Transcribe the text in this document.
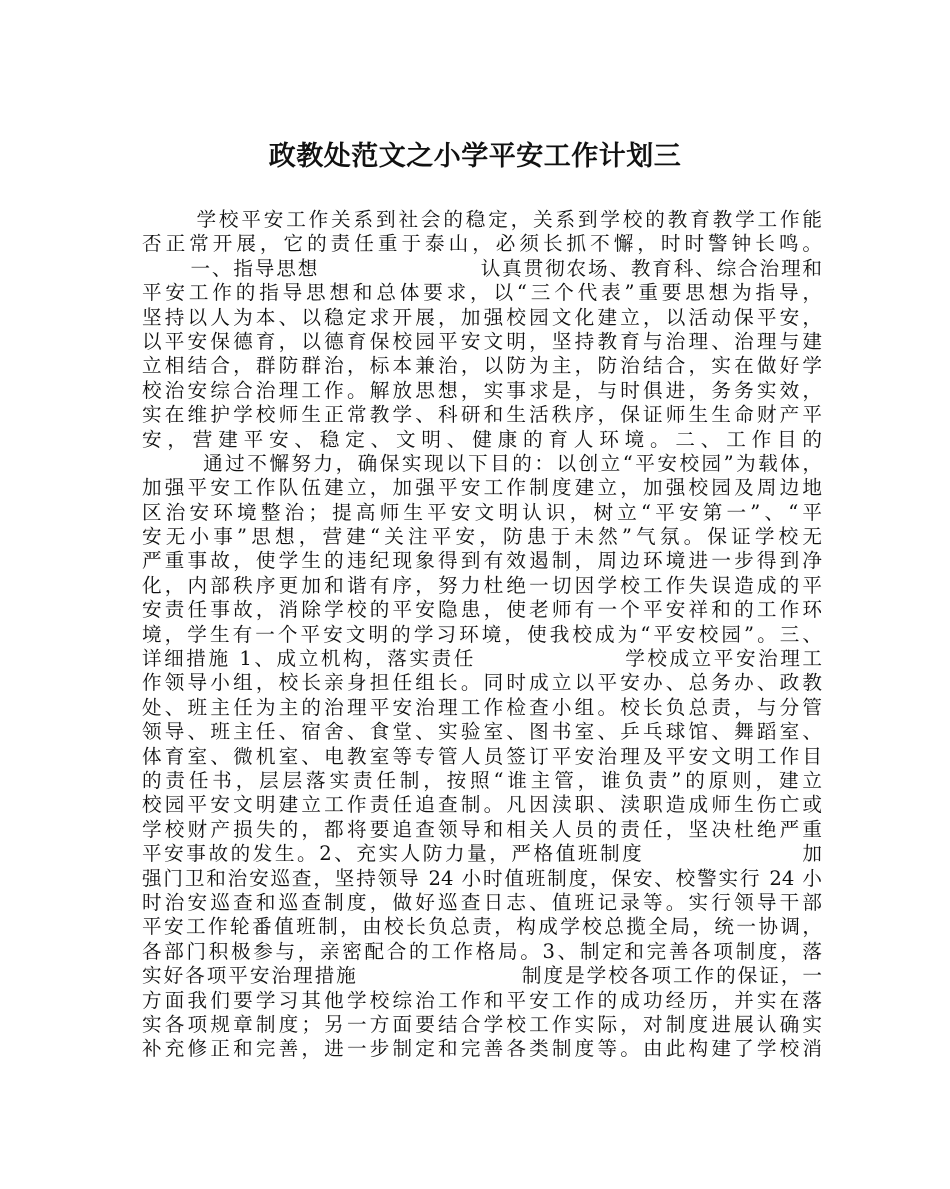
政教处范文之小学平安工作计划三
学校平安工作关系到社会的稳定，关系到学校的教育教学工作能
否正常开展，它的责任重于泰山，必须长抓不懈，时时警钟长鸣。
一、指导思想                    认真贯彻农场、教育科、综合治理和
平安工作的指导思想和总体要求，以“三个代表”重要思想为指导，
坚持以人为本、以稳定求开展，加强校园文化建立，以活动保平安，
以平安保德育，以德育保校园平安文明，坚持教育与治理、治理与建
立相结合，群防群治，标本兼治，以防为主，防治结合，实在做好学
校治安综合治理工作。解放思想，实事求是，与时俱进，务务实效，
实在维护学校师生正常教学、科研和生活秩序，保证师生生命财产平
安，营建平安、稳定、文明、健康的育人环境。二、工作目的
通过不懈努力，确保实现以下目的：以创立“平安校园”为载体，
加强平安工作队伍建立，加强平安工作制度建立，加强校园及周边地
区治安环境整治；提高师生平安文明认识，树立“平安第一”、“平
安无小事”思想，营建“关注平安，防患于未然”气氛。保证学校无
严重事故，使学生的违纪现象得到有效遏制，周边环境进一步得到净
化，内部秩序更加和谐有序，努力杜绝一切因学校工作失误造成的平
安责任事故，消除学校的平安隐患，使老师有一个平安祥和的工作环
境，学生有一个平安文明的学习环境，使我校成为“平安校园”。三、
详细措施 1、成立机构，落实责任                 学校成立平安治理工
作领导小组，校长亲身担任组长。同时成立以平安办、总务办、政教
处、班主任为主的治理平安治理工作检查小组。校长负总责，与分管
领导、班主任、宿舍、食堂、实验室、图书室、乒乓球馆、舞蹈室、
体育室、微机室、电教室等专管人员签订平安治理及平安文明工作目
的责任书，层层落实责任制，按照“谁主管，谁负责”的原则，建立
校园平安文明建立工作责任追查制。凡因渎职、渎职造成师生伤亡或
学校财产损失的，都将要追查领导和相关人员的责任，坚决杜绝严重
平安事故的发生。2、充实人防力量，严格值班制度                  加
强门卫和治安巡查，坚持领导 24 小时值班制度，保安、校警实行 24 小
时治安巡查和巡查制度，做好巡查日志、值班记录等。实行领导干部
平安工作轮番值班制，由校长负总责，构成学校总揽全局，统一协调，
各部门积极参与，亲密配合的工作格局。3、制定和完善各项制度，落
实好各项平安治理措施                    制度是学校各项工作的保证，一
方面我们要学习其他学校综治工作和平安工作的成功经历，并实在落
实各项规章制度；另一方面要结合学校工作实际，对制度进展认确实
补充修正和完善，进一步制定和完善各类制度等。由此构建了学校消
